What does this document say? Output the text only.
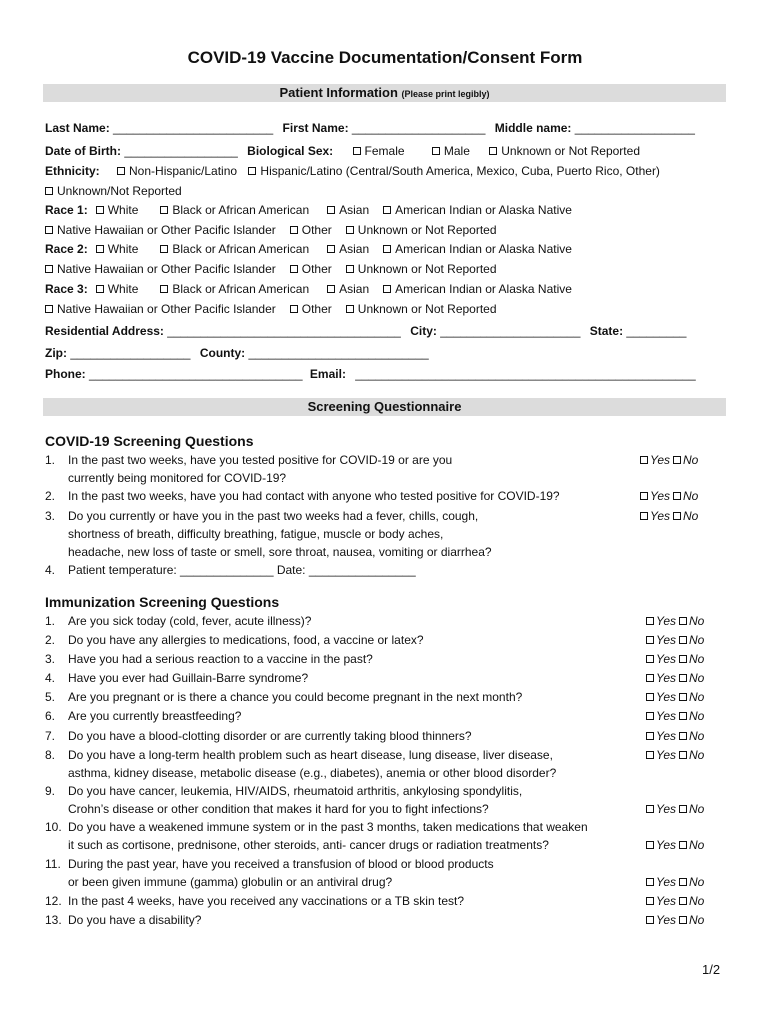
COVID-19 Vaccine Documentation/Consent Form
Patient Information (Please print legibly)
Last Name: ________________________ First Name: ____________________ Middle name: __________________
Date of Birth: _________________ Biological Sex:	Female	Male	Unknown or Not Reported
Ethnicity: Non-Hispanic/Latino Hispanic/Latino (Central/South America, Mexico, Cuba, Puerto Rico, Other)
Unknown/Not Reported
Race 1: White	Black or African American	Asian American Indian or Alaska Native
Native Hawaiian or Other Pacific Islander Other Unknown or Not Reported
Race 2: White	Black or African American	Asian American Indian or Alaska Native
Native Hawaiian or Other Pacific Islander Other Unknown or Not Reported
Race 3: White	Black or African American	Asian American Indian or Alaska Native
Native Hawaiian or Other Pacific Islander Other Unknown or Not Reported
Residential Address: ___________________________________ City: _____________________ State: _________
Zip: __________________ County: ___________________________
Phone: ________________________________ Email: ___________________________________________________
Screening Questionnaire
COVID-19 Screening Questions
1. In the past two weeks, have you tested positive for COVID-19 or are you
currently being monitored for COVID-19?
Yes No
2. In the past two weeks, have you had contact with anyone who tested positive for COVID-19?	Yes No
3. Do you currently or have you in the past two weeks had a fever, chills, cough,
shortness of breath, difficulty breathing, fatigue, muscle or body aches,
headache, new loss of taste or smell, sore throat, nausea, vomiting or diarrhea?
Yes No
4. Patient temperature: ______________ Date: ________________
Immunization Screening Questions
1. Are you sick today (cold, fever, acute illness)?	Yes No
2. Do you have any allergies to medications, food, a vaccine or latex?	Yes No
3. Have you had a serious reaction to a vaccine in the past?	Yes No
4. Have you ever had Guillain-Barre syndrome?	Yes No
5. Are you pregnant or is there a chance you could become pregnant in the next month?	Yes No
6. Are you currently breastfeeding?	Yes No
7. Do you have a blood-clotting disorder or are currently taking blood thinners?	Yes No
8. Do you have a long-term health problem such as heart disease, lung disease, liver disease,
asthma, kidney disease, metabolic disease (e.g., diabetes), anemia or other blood disorder?
Yes No
9. Do you have cancer, leukemia, HIV/AIDS, rheumatoid arthritis, ankylosing spondylitis,
Crohn’s disease or other condition that makes it hard for you to fight infections?	Yes No
10. Do you have a weakened immune system or in the past 3 months, taken medications that weaken
it such as cortisone, prednisone, other steroids, anti- cancer drugs or radiation treatments?	Yes No
11. During the past year, have you received a transfusion of blood or blood products
or been given immune (gamma) globulin or an antiviral drug?	Yes No
12. In the past 4 weeks, have you received any vaccinations or a TB skin test?	Yes No
13. Do you have a disability?	Yes No
1/2
